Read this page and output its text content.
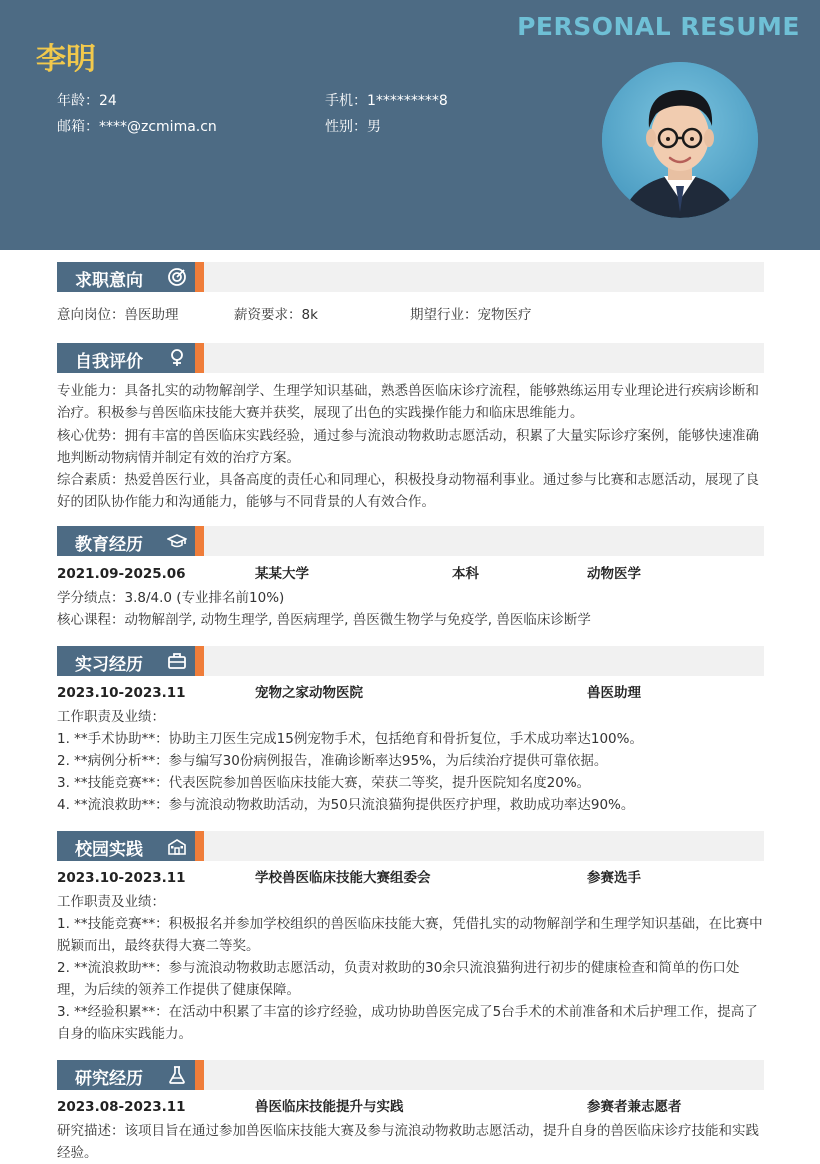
PERSONAL RESUME
李明
年龄：24	手机：1*********8
邮箱：****@zcmima.cn	性别：男
求职意向
意向岗位：兽医助理	薪资要求：8k	期望行业：宠物医疗
自我评价
专业能力：具备扎实的动物解剖学、生理学知识基础，熟悉兽医临床诊疗流程，能够熟练运用专业理论进行疾病诊断和治疗。积极参与兽医临床技能大赛并获奖，展现了出色的实践操作能力和临床思维能力。
核心优势：拥有丰富的兽医临床实践经验，通过参与流浪动物救助志愿活动，积累了大量实际诊疗案例，能够快速准确地判断动物病情并制定有效的治疗方案。
综合素质：热爱兽医行业，具备高度的责任心和同理心，积极投身动物福利事业。通过参与比赛和志愿活动，展现了良好的团队协作能力和沟通能力，能够与不同背景的人有效合作。
教育经历
2021.09-2025.06	某某大学	本科	动物医学
学分绩点：3.8/4.0 (专业排名前10%)
核心课程：动物解剖学, 动物生理学, 兽医病理学, 兽医微生物学与免疫学, 兽医临床诊断学
实习经历
2023.10-2023.11	宠物之家动物医院	兽医助理
工作职责及业绩：
1. **手术协助**：协助主刀医生完成15例宠物手术，包括绝育和骨折复位，手术成功率达100%。
2. **病例分析**：参与编写30份病例报告，准确诊断率达95%，为后续治疗提供可靠依据。
3. **技能竞赛**：代表医院参加兽医临床技能大赛，荣获二等奖，提升医院知名度20%。
4. **流浪救助**：参与流浪动物救助活动，为50只流浪猫狗提供医疗护理，救助成功率达90%。
校园实践
2023.10-2023.11	学校兽医临床技能大赛组委会	参赛选手
工作职责及业绩：
1. **技能竞赛**：积极报名并参加学校组织的兽医临床技能大赛，凭借扎实的动物解剖学和生理学知识基础，在比赛中脱颖而出，最终获得大赛二等奖。
2. **流浪救助**：参与流浪动物救助志愿活动，负责对救助的30余只流浪猫狗进行初步的健康检查和简单的伤口处理，为后续的领养工作提供了健康保障。
3. **经验积累**：在活动中积累了丰富的诊疗经验，成功协助兽医完成了5台手术的术前准备和术后护理工作，提高了自身的临床实践能力。
研究经历
2023.08-2023.11	兽医临床技能提升与实践	参赛者兼志愿者
研究描述：该项目旨在通过参加兽医临床技能大赛及参与流浪动物救助志愿活动，提升自身的兽医临床诊疗技能和实践经验。
